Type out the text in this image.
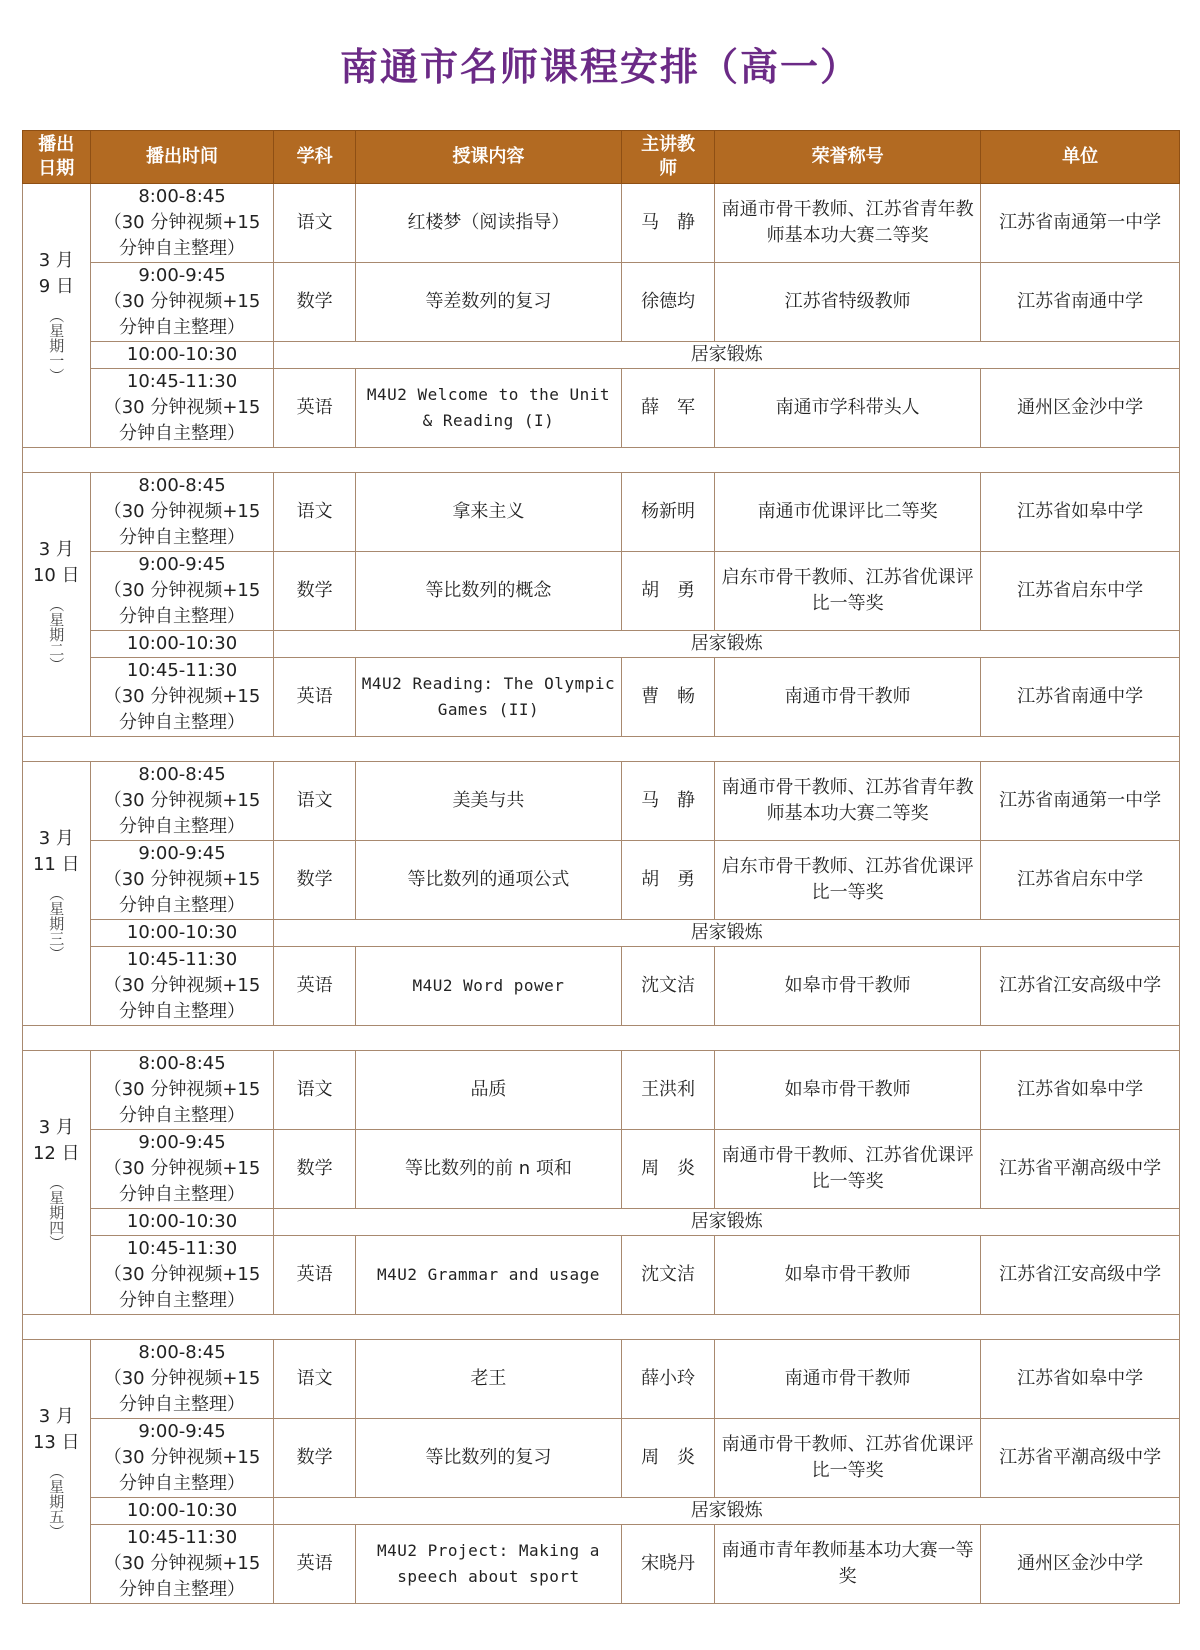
南通市名师课程安排（高一）
播出日期	播出时间	学科	授课内容	主讲教师	荣誉称号	单位

3 月
9 日
（星期一）	8:00-8:45
（30 分钟视频+15
分钟自主整理）	语文	红楼梦（阅读指导）	马　静	南通市骨干教师、江苏省青年教师基本功大赛二等奖	江苏省南通第一中学

	9:00-9:45
（30 分钟视频+15
分钟自主整理）	数学	等差数列的复习	徐德均	江苏省特级教师	江苏省南通中学
	10:00-10:30	居家锻炼				

	10:45-11:30
（30 分钟视频+15
分钟自主整理）	英语	M4U2 Welcome to the Unit & Reading (I)	薛　军	南通市学科带头人	通州区金沙中学

3 月
10 日
（星期二）	8:00-8:45
（30 分钟视频+15
分钟自主整理）	语文	拿来主义	杨新明	南通市优课评比二等奖	江苏省如皋中学

	9:00-9:45
（30 分钟视频+15
分钟自主整理）	数学	等比数列的概念	胡　勇	启东市骨干教师、江苏省优课评比一等奖	江苏省启东中学
	10:00-10:30	居家锻炼				

	10:45-11:30
（30 分钟视频+15
分钟自主整理）	英语	M4U2 Reading: The Olympic Games (II)	曹　畅	南通市骨干教师	江苏省南通中学

3 月
11 日
（星期三）	8:00-8:45
（30 分钟视频+15
分钟自主整理）	语文	美美与共	马　静	南通市骨干教师、江苏省青年教师基本功大赛二等奖	江苏省南通第一中学

	9:00-9:45
（30 分钟视频+15
分钟自主整理）	数学	等比数列的通项公式	胡　勇	启东市骨干教师、江苏省优课评比一等奖	江苏省启东中学
	10:00-10:30	居家锻炼				

	10:45-11:30
（30 分钟视频+15
分钟自主整理）	英语	M4U2 Word power	沈文洁	如皋市骨干教师	江苏省江安高级中学

3 月
12 日
（星期四）	8:00-8:45
（30 分钟视频+15
分钟自主整理）	语文	品质	王洪利	如皋市骨干教师	江苏省如皋中学

	9:00-9:45
（30 分钟视频+15
分钟自主整理）	数学	等比数列的前 n 项和	周　炎	南通市骨干教师、江苏省优课评比一等奖	江苏省平潮高级中学
	10:00-10:30	居家锻炼				

	10:45-11:30
（30 分钟视频+15
分钟自主整理）	英语	M4U2 Grammar and usage	沈文洁	如皋市骨干教师	江苏省江安高级中学

3 月
13 日
（星期五）	8:00-8:45
（30 分钟视频+15
分钟自主整理）	语文	老王	薛小玲	南通市骨干教师	江苏省如皋中学

	9:00-9:45
（30 分钟视频+15
分钟自主整理）	数学	等比数列的复习	周　炎	南通市骨干教师、江苏省优课评比一等奖	江苏省平潮高级中学
	10:00-10:30	居家锻炼				

	10:45-11:30
（30 分钟视频+15
分钟自主整理）	英语	M4U2 Project: Making a speech about sport	宋晓丹	南通市青年教师基本功大赛一等奖	通州区金沙中学
